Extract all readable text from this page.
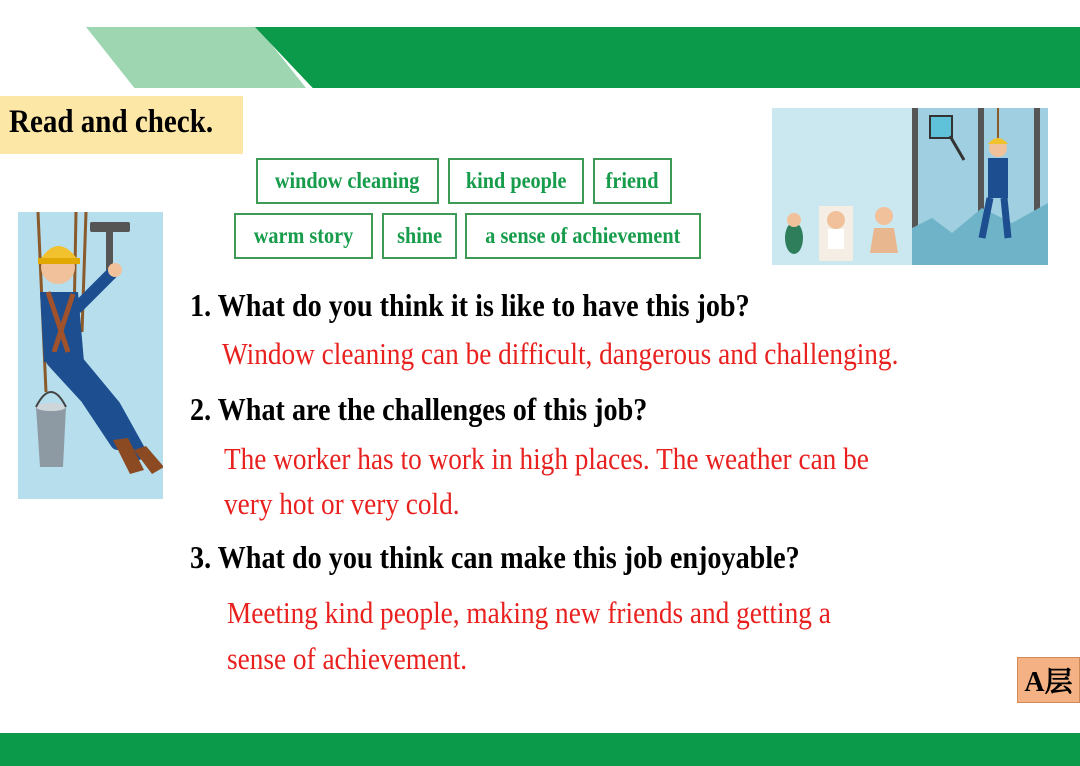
Read and check.
window cleaning kind people friend
warm story shine a sense of achievement
1. What do you think it is like to have this job?
Window cleaning can be difficult, dangerous and challenging.
2. What are the challenges of this job?
The worker has to work in high places. The weather can be
very hot or very cold.
3. What do you think can make this job enjoyable?
Meeting kind people, making new friends and getting a
sense of achievement.
A层
